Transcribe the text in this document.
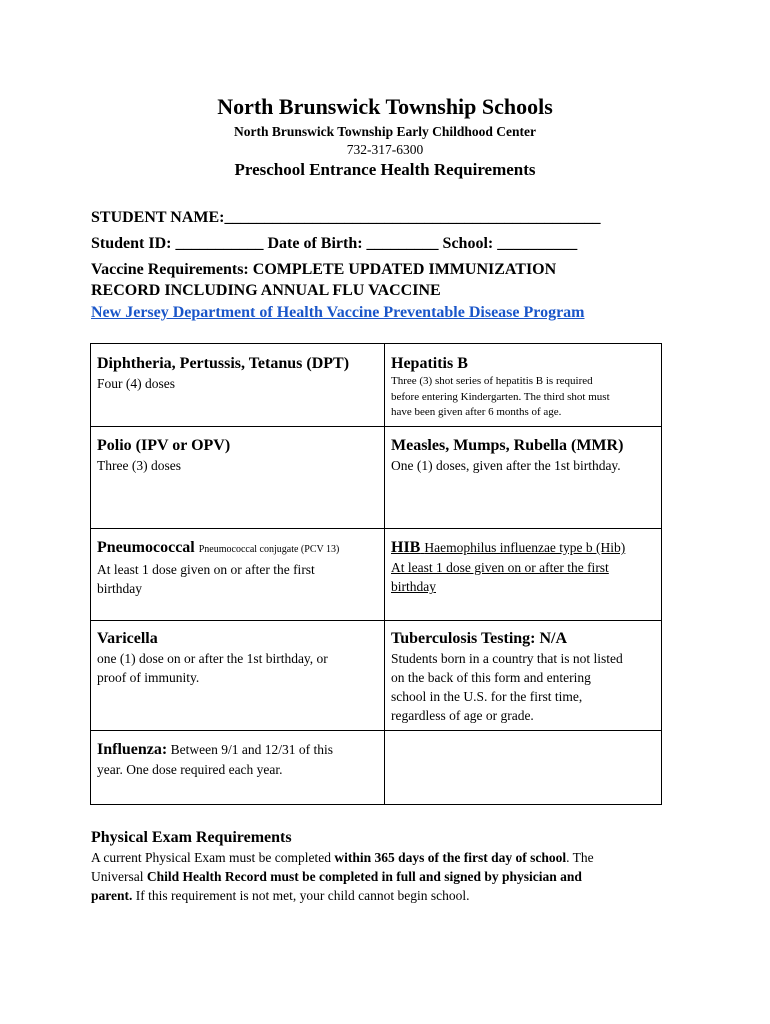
North Brunswick Township Schools
North Brunswick Township Early Childhood Center
732-317-6300
Preschool Entrance Health Requirements
STUDENT NAME:_______________________________________________
Student ID: ___________ Date of Birth: _________ School: __________
Vaccine Requirements: COMPLETE UPDATED IMMUNIZATION
RECORD INCLUDING ANNUAL FLU VACCINE
New Jersey Department of Health Vaccine Preventable Disease Program
Diphtheria, Pertussis, Tetanus (DPT)
Four (4) doses
Hepatitis B
Three (3) shot series of hepatitis B is required
before entering Kindergarten. The third shot must
have been given after 6 months of age.
Polio (IPV or OPV)
Three (3) doses
Measles, Mumps, Rubella (MMR)
One (1) doses, given after the 1st birthday.
Pneumococcal Pneumococcal conjugate (PCV 13)
At least 1 dose given on or after the first
birthday
HIB Haemophilus influenzae type b (Hib)
At least 1 dose given on or after the first
birthday
Varicella
one (1) dose on or after the 1st birthday, or
proof of immunity.
Tuberculosis Testing: N/A
Students born in a country that is not listed
on the back of this form and entering
school in the U.S. for the first time,
regardless of age or grade.
Influenza: Between 9/1 and 12/31 of this
year. One dose required each year.
Physical Exam Requirements
A current Physical Exam must be completed within 365 days of the first day of school. The
Universal Child Health Record must be completed in full and signed by physician and
parent. If this requirement is not met, your child cannot begin school.
